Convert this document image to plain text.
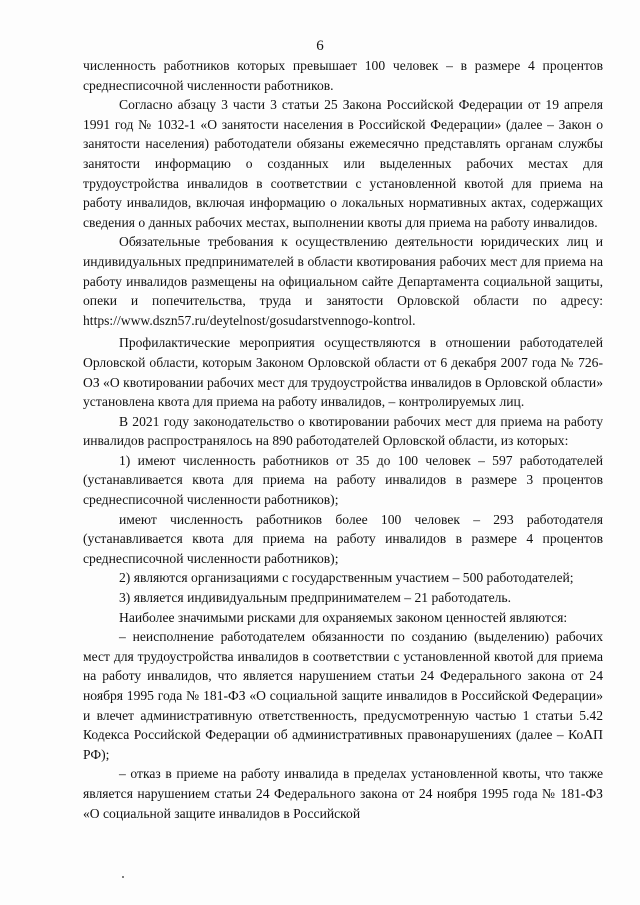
6

численность работников которых превышает 100 человек – в размере 4 процентов среднесписочной численности работников.

Согласно абзацу 3 части 3 статьи 25 Закона Российской Федерации от 19 апреля 1991 год № 1032-1 «О занятости населения в Российской Федерации» (далее – Закон о занятости населения) работодатели обязаны ежемесячно представлять органам службы занятости информацию о созданных или выделенных рабочих местах для трудоустройства инвалидов в соответствии с установленной квотой для приема на работу инвалидов, включая информацию о локальных нормативных актах, содержащих сведения о данных рабочих местах, выполнении квоты для приема на работу инвалидов.

Обязательные требования к осуществлению деятельности юридических лиц и индивидуальных предпринимателей в области квотирования рабочих мест для приема на работу инвалидов размещены на официальном сайте Департамента социальной защиты, опеки и попечительства, труда и занятости Орловской области по адресу: https://www.dszn57.ru/deytelnost/gosudarstvennogo-kontrol.

Профилактические мероприятия осуществляются в отношении работодателей Орловской области, которым Законом Орловской области от 6 декабря 2007 года № 726-ОЗ «О квотировании рабочих мест для трудоустройства инвалидов в Орловской области» установлена квота для приема на работу инвалидов, – контролируемых лиц.

В 2021 году законодательство о квотировании рабочих мест для приема на работу инвалидов распространялось на 890 работодателей Орловской области, из которых:

1) имеют численность работников от 35 до 100 человек – 597 работодателей (устанавливается квота для приема на работу инвалидов в размере 3 процентов среднесписочной численности работников);

имеют численность работников более 100 человек – 293 работодателя (устанавливается квота для приема на работу инвалидов в размере 4 процентов среднесписочной численности работников);

2) являются организациями с государственным участием – 500 работодателей;

3) является индивидуальным предпринимателем – 21 работодатель.

Наиболее значимыми рисками для охраняемых законом ценностей являются:

– неисполнение работодателем обязанности по созданию (выделению) рабочих мест для трудоустройства инвалидов в соответствии с установленной квотой для приема на работу инвалидов, что является нарушением статьи 24 Федерального закона от 24 ноября 1995 года № 181-ФЗ «О социальной защите инвалидов в Российской Федерации» и влечет административную ответственность, предусмотренную частью 1 статьи 5.42 Кодекса Российской Федерации об административных правонарушениях (далее – КоАП РФ);

– отказ в приеме на работу инвалида в пределах установленной квоты, что также является нарушением статьи 24 Федерального закона от 24 ноября 1995 года № 181-ФЗ «О социальной защите инвалидов в Российской
